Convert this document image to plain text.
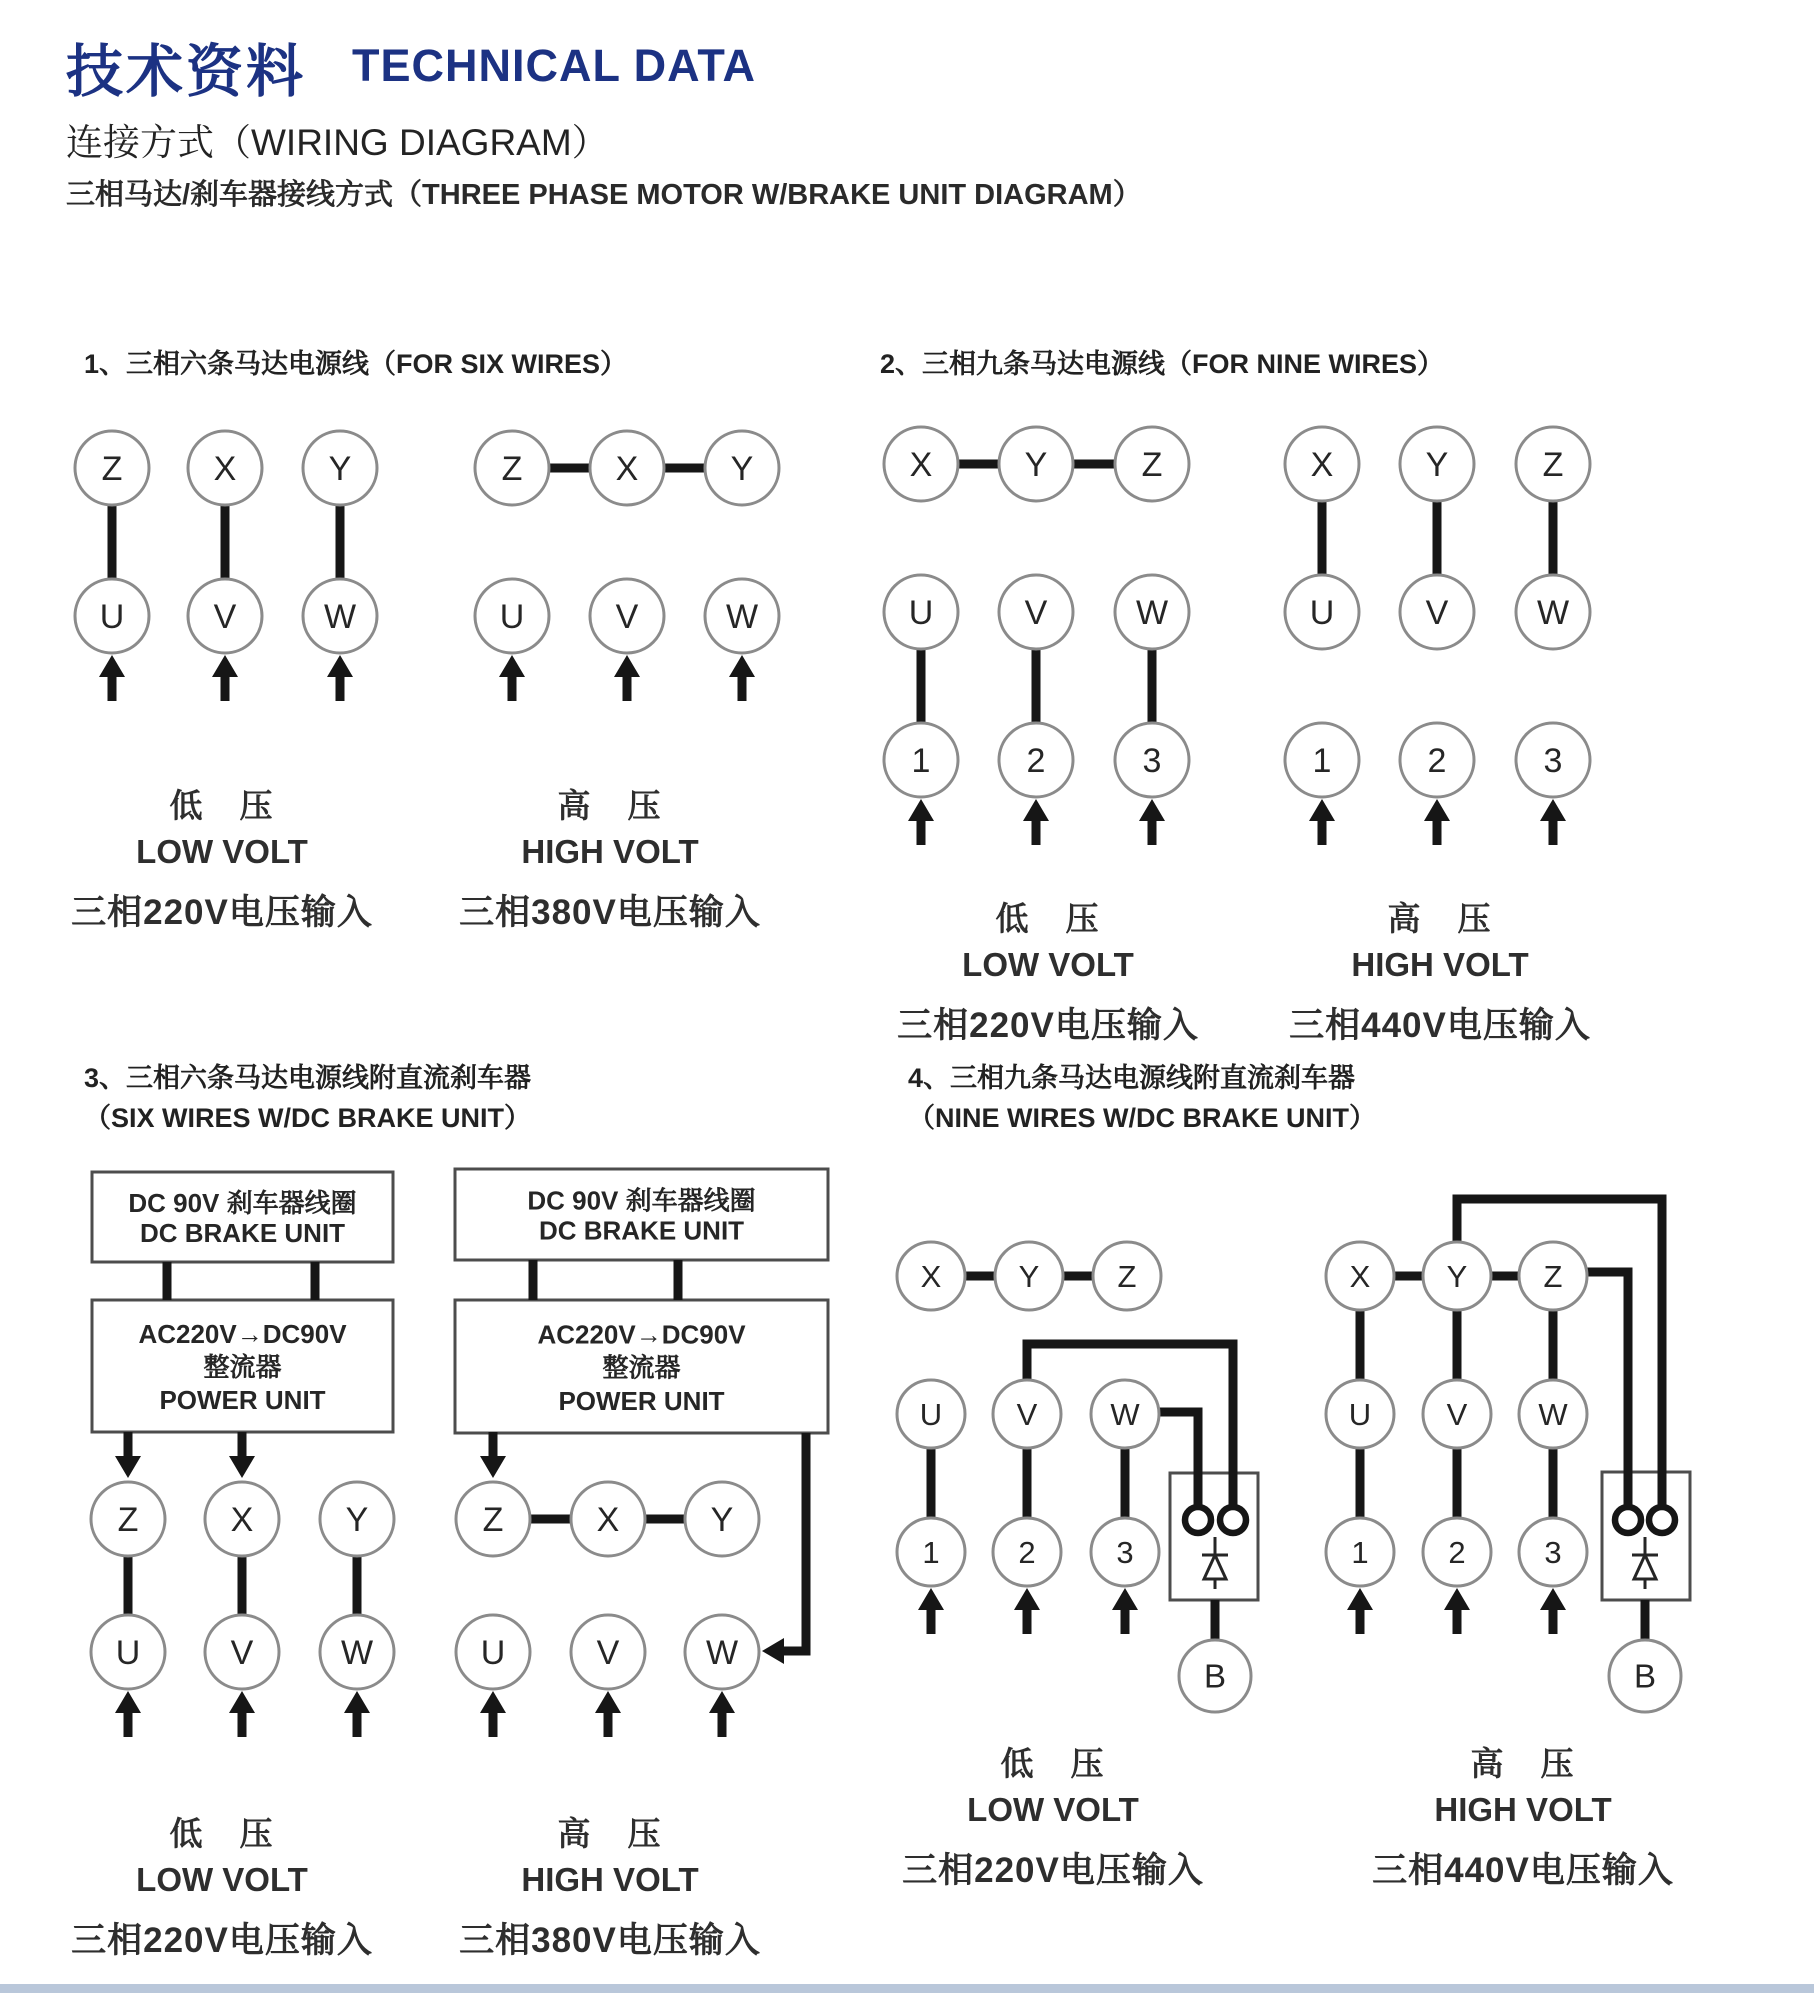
DC 90V 刹车器线圈
DC BRAKE UNIT
AC220V→DC90V
整流器
POWER UNIT
DC 90V 刹车器线圈
DC BRAKE UNIT
AC220V→DC90V
整流器
POWER UNIT
Z	X	Y
U	V	W
Z	X	Y
U	V	W
X	Y	Z
U	V	W
1	2	3
X	Y	Z
U	V	W
1	2	3
Z	X	Y
U	V	W
Z	X	Y
U	V	W
X Y	Z
U V W
1	2	3
B
X Y Z
U V W
1	2	3
B
技术资料 TECHNICAL DATA
连接方式（WIRING DIAGRAM）
三相马达/刹车器接线方式（THREE PHASE MOTOR W/BRAKE UNIT DIAGRAM）
1、三相六条马达电源线（FOR SIX WIRES）	2、三相九条马达电源线（FOR NINE WIRES）
3、三相六条马达电源线附直流刹车器
（SIX WIRES W/DC BRAKE UNIT）
4、三相九条马达电源线附直流刹车器
（NINE WIRES W/DC BRAKE UNIT）
低　压
LOW VOLT
三相220V电压输入
高　压
HIGH VOLT
三相380V电压输入	低　压
LOW VOLT
三相220V电压输入
高　压
HIGH VOLT
三相440V电压输入
低　压
LOW VOLT
三相220V电压输入
高　压
HIGH VOLT
三相380V电压输入
低　压
LOW VOLT
三相220V电压输入
高　压
HIGH VOLT
三相440V电压输入
